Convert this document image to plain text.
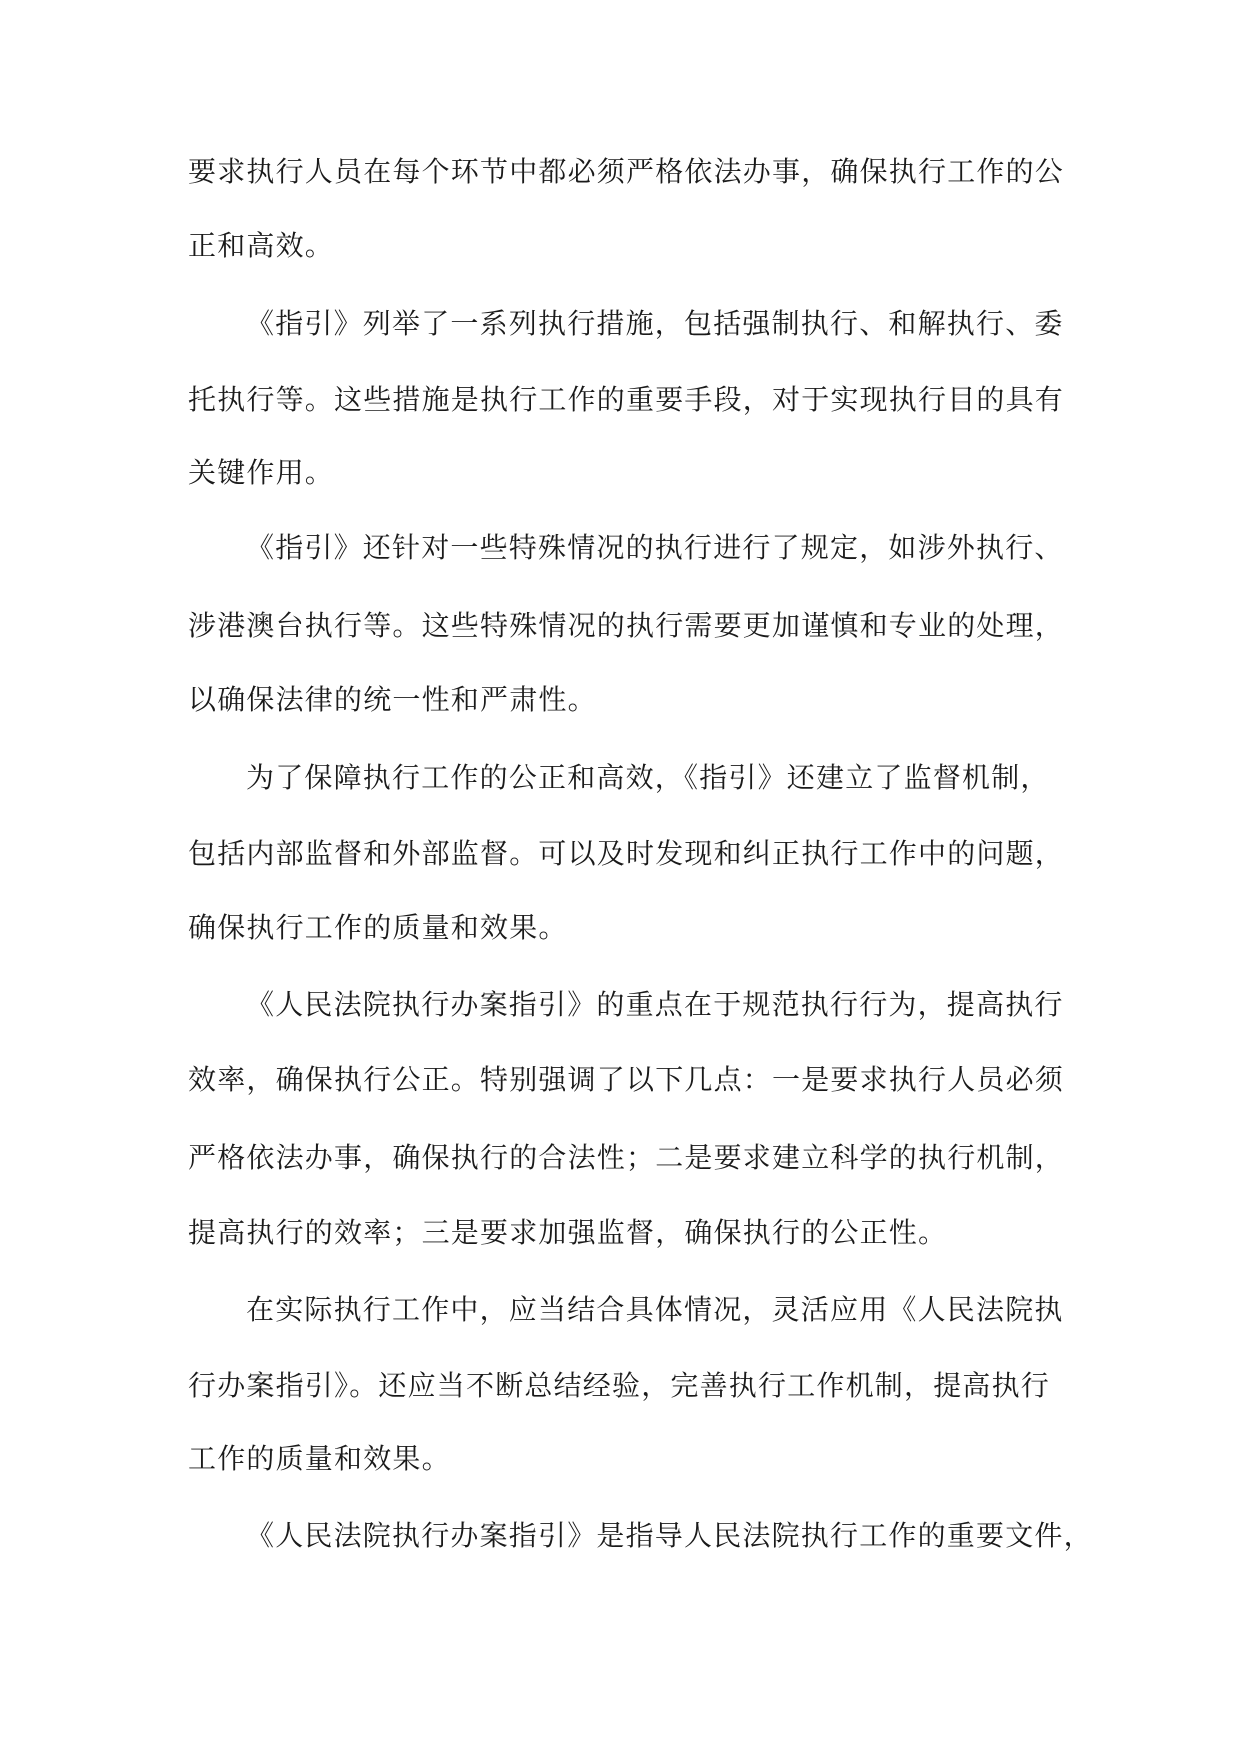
要求执行人员在每个环节中都必须严格依法办事，确保执行工作的公
正和高效。
《指引》列举了一系列执行措施，包括强制执行、和解执行、委
托执行等。这些措施是执行工作的重要手段，对于实现执行目的具有
关键作用。
《指引》还针对一些特殊情况的执行进行了规定，如涉外执行、
涉港澳台执行等。这些特殊情况的执行需要更加谨慎和专业的处理，
以确保法律的统一性和严肃性。
为了保障执行工作的公正和高效，《指引》还建立了监督机制，
包括内部监督和外部监督。可以及时发现和纠正执行工作中的问题，
确保执行工作的质量和效果。
《人民法院执行办案指引》的重点在于规范执行行为，提高执行
效率，确保执行公正。特别强调了以下几点：一是要求执行人员必须
严格依法办事，确保执行的合法性；二是要求建立科学的执行机制，
提高执行的效率；三是要求加强监督，确保执行的公正性。
在实际执行工作中，应当结合具体情况，灵活应用《人民法院执
行办案指引》。还应当不断总结经验，完善执行工作机制，提高执行
工作的质量和效果。
《人民法院执行办案指引》是指导人民法院执行工作的重要文件，
